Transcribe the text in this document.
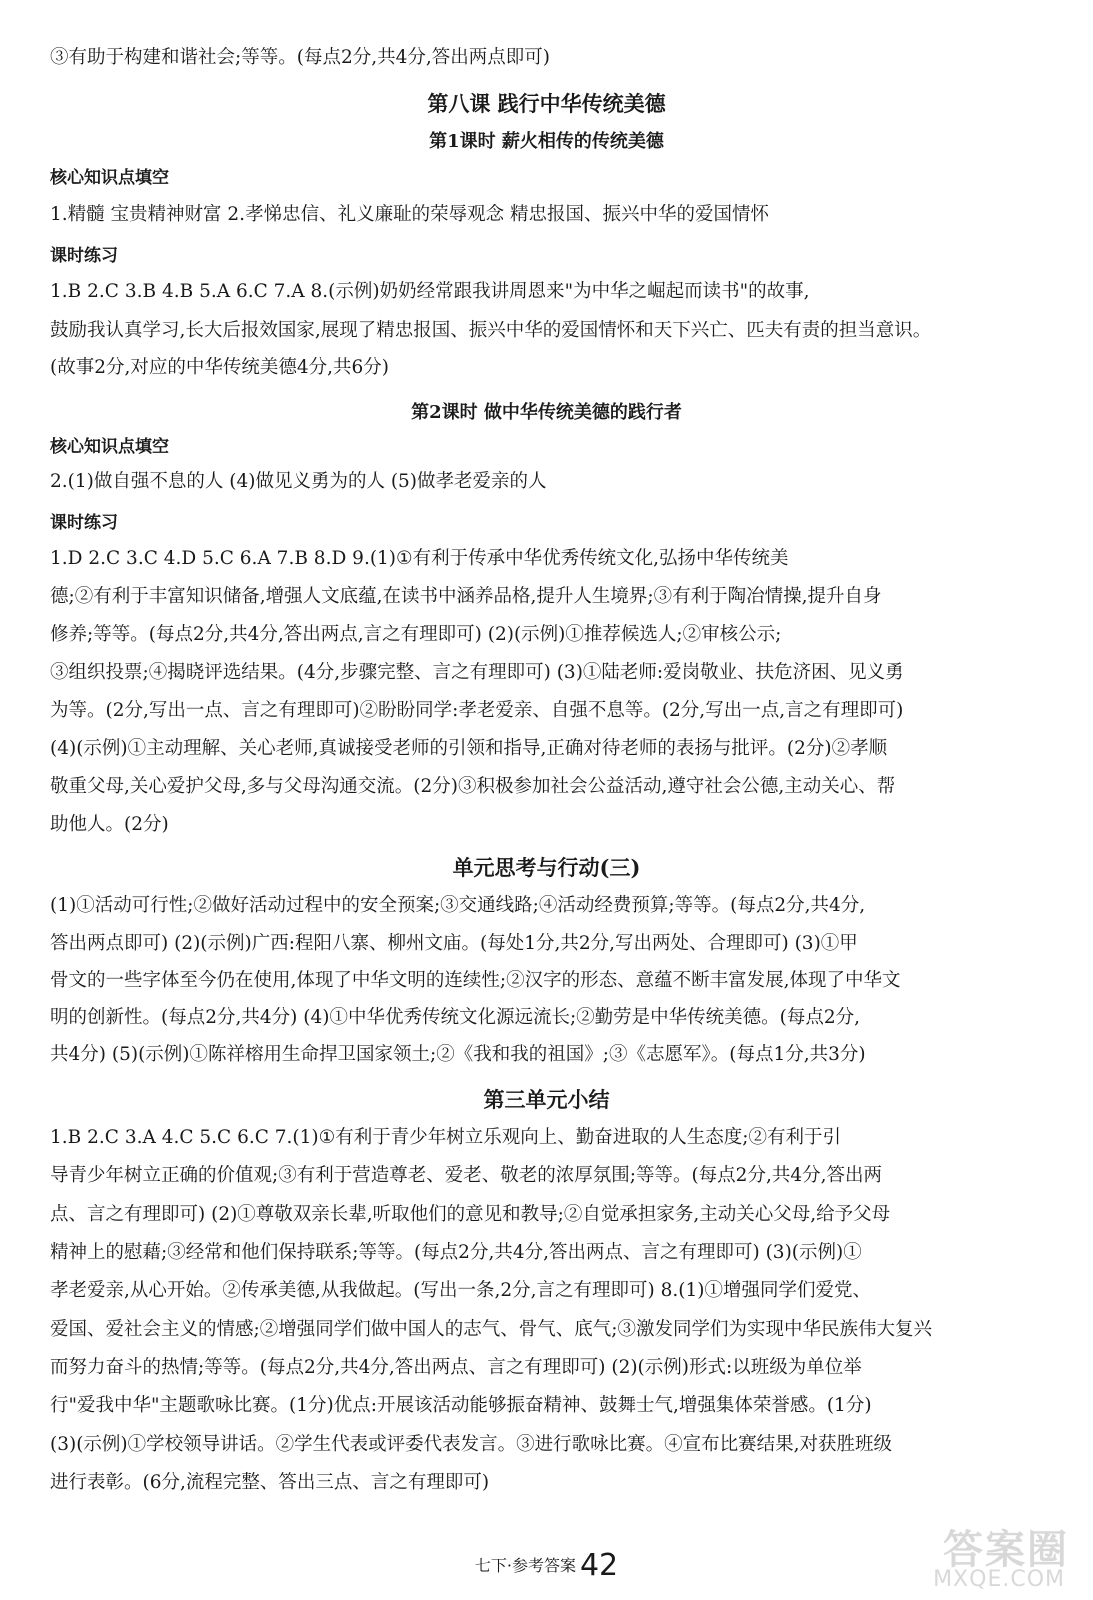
③有助于构建和谐社会;等等。(每点2分,共4分,答出两点即可)
第八课 践行中华传统美德
第1课时 薪火相传的传统美德
核心知识点填空
1.精髓 宝贵精神财富 2.孝悌忠信、礼义廉耻的荣辱观念 精忠报国、振兴中华的爱国情怀
课时练习
1.B 2.C 3.B 4.B 5.A 6.C 7.A 8.(示例)奶奶经常跟我讲周恩来"为中华之崛起而读书"的故事,
鼓励我认真学习,长大后报效国家,展现了精忠报国、振兴中华的爱国情怀和天下兴亡、匹夫有责的担当意识。
(故事2分,对应的中华传统美德4分,共6分)
第2课时 做中华传统美德的践行者
核心知识点填空
2.(1)做自强不息的人 (4)做见义勇为的人 (5)做孝老爱亲的人
课时练习
1.D 2.C 3.C 4.D 5.C 6.A 7.B 8.D 9.(1)①有利于传承中华优秀传统文化,弘扬中华传统美
德;②有利于丰富知识储备,增强人文底蕴,在读书中涵养品格,提升人生境界;③有利于陶冶情操,提升自身
修养;等等。(每点2分,共4分,答出两点,言之有理即可) (2)(示例)①推荐候选人;②审核公示;
③组织投票;④揭晓评选结果。(4分,步骤完整、言之有理即可) (3)①陆老师:爱岗敬业、扶危济困、见义勇
为等。(2分,写出一点、言之有理即可)②盼盼同学:孝老爱亲、自强不息等。(2分,写出一点,言之有理即可)
(4)(示例)①主动理解、关心老师,真诚接受老师的引领和指导,正确对待老师的表扬与批评。(2分)②孝顺
敬重父母,关心爱护父母,多与父母沟通交流。(2分)③积极参加社会公益活动,遵守社会公德,主动关心、帮
助他人。(2分)
单元思考与行动(三)
(1)①活动可行性;②做好活动过程中的安全预案;③交通线路;④活动经费预算;等等。(每点2分,共4分,
答出两点即可) (2)(示例)广西:程阳八寨、柳州文庙。(每处1分,共2分,写出两处、合理即可) (3)①甲
骨文的一些字体至今仍在使用,体现了中华文明的连续性;②汉字的形态、意蕴不断丰富发展,体现了中华文
明的创新性。(每点2分,共4分) (4)①中华优秀传统文化源远流长;②勤劳是中华传统美德。(每点2分,
共4分) (5)(示例)①陈祥榕用生命捍卫国家领土;②《我和我的祖国》;③《志愿军》。(每点1分,共3分)
第三单元小结
1.B 2.C 3.A 4.C 5.C 6.C 7.(1)①有利于青少年树立乐观向上、勤奋进取的人生态度;②有利于引
导青少年树立正确的价值观;③有利于营造尊老、爱老、敬老的浓厚氛围;等等。(每点2分,共4分,答出两
点、言之有理即可) (2)①尊敬双亲长辈,听取他们的意见和教导;②自觉承担家务,主动关心父母,给予父母
精神上的慰藉;③经常和他们保持联系;等等。(每点2分,共4分,答出两点、言之有理即可) (3)(示例)①
孝老爱亲,从心开始。②传承美德,从我做起。(写出一条,2分,言之有理即可) 8.(1)①增强同学们爱党、
爱国、爱社会主义的情感;②增强同学们做中国人的志气、骨气、底气;③激发同学们为实现中华民族伟大复兴
而努力奋斗的热情;等等。(每点2分,共4分,答出两点、言之有理即可) (2)(示例)形式:以班级为单位举
行"爱我中华"主题歌咏比赛。(1分)优点:开展该活动能够振奋精神、鼓舞士气,增强集体荣誉感。(1分)
(3)(示例)①学校领导讲话。②学生代表或评委代表发言。③进行歌咏比赛。④宣布比赛结果,对获胜班级
进行表彰。(6分,流程完整、答出三点、言之有理即可)
七下·参考答案 42	答案圈
MXQE.COM
